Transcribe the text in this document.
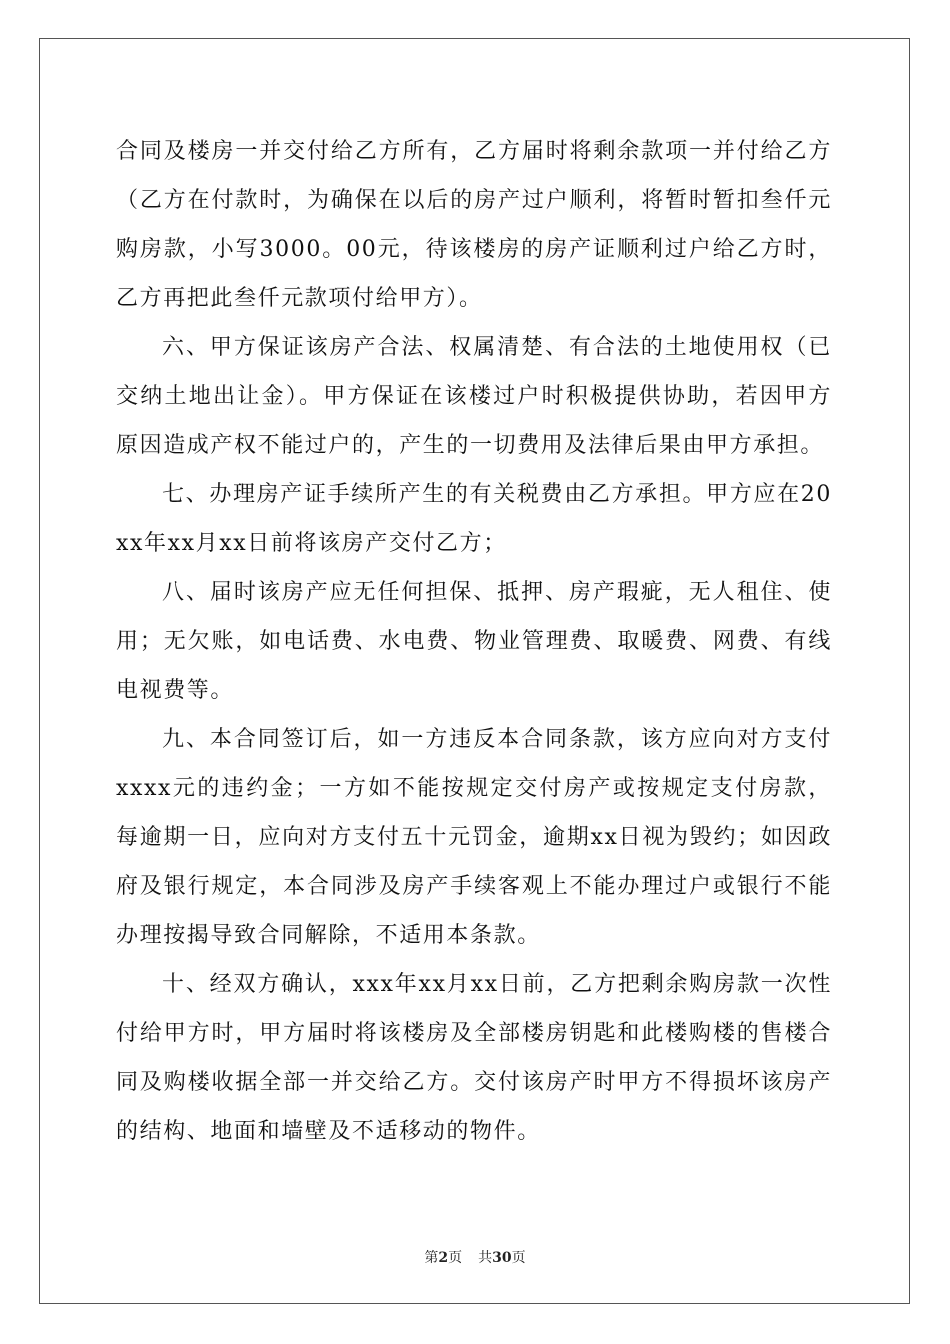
合同及楼房一并交付给乙方所有，乙方届时将剩余款项一并付给乙方（乙方在付款时，为确保在以后的房产过户顺利，将暂时暂扣叁仟元购房款，小写3000。00元，待该楼房的房产证顺利过户给乙方时，乙方再把此叁仟元款项付给甲方）。

六、甲方保证该房产合法、权属清楚、有合法的土地使用权（已交纳土地出让金）。甲方保证在该楼过户时积极提供协助，若因甲方原因造成产权不能过户的，产生的一切费用及法律后果由甲方承担。

七、办理房产证手续所产生的有关税费由乙方承担。甲方应在20xx年xx月xx日前将该房产交付乙方；

八、届时该房产应无任何担保、抵押、房产瑕疵，无人租住、使用；无欠账，如电话费、水电费、物业管理费、取暖费、网费、有线电视费等。

九、本合同签订后，如一方违反本合同条款，该方应向对方支付xxxx元的违约金；一方如不能按规定交付房产或按规定支付房款，每逾期一日，应向对方支付五十元罚金，逾期xx日视为毁约；如因政府及银行规定，本合同涉及房产手续客观上不能办理过户或银行不能办理按揭导致合同解除，不适用本条款。

十、经双方确认，xxx年xx月xx日前，乙方把剩余购房款一次性付给甲方时，甲方届时将该楼房及全部楼房钥匙和此楼购楼的售楼合同及购楼收据全部一并交给乙方。交付该房产时甲方不得损坏该房产的结构、地面和墙壁及不适移动的物件。

第2页 共30页
